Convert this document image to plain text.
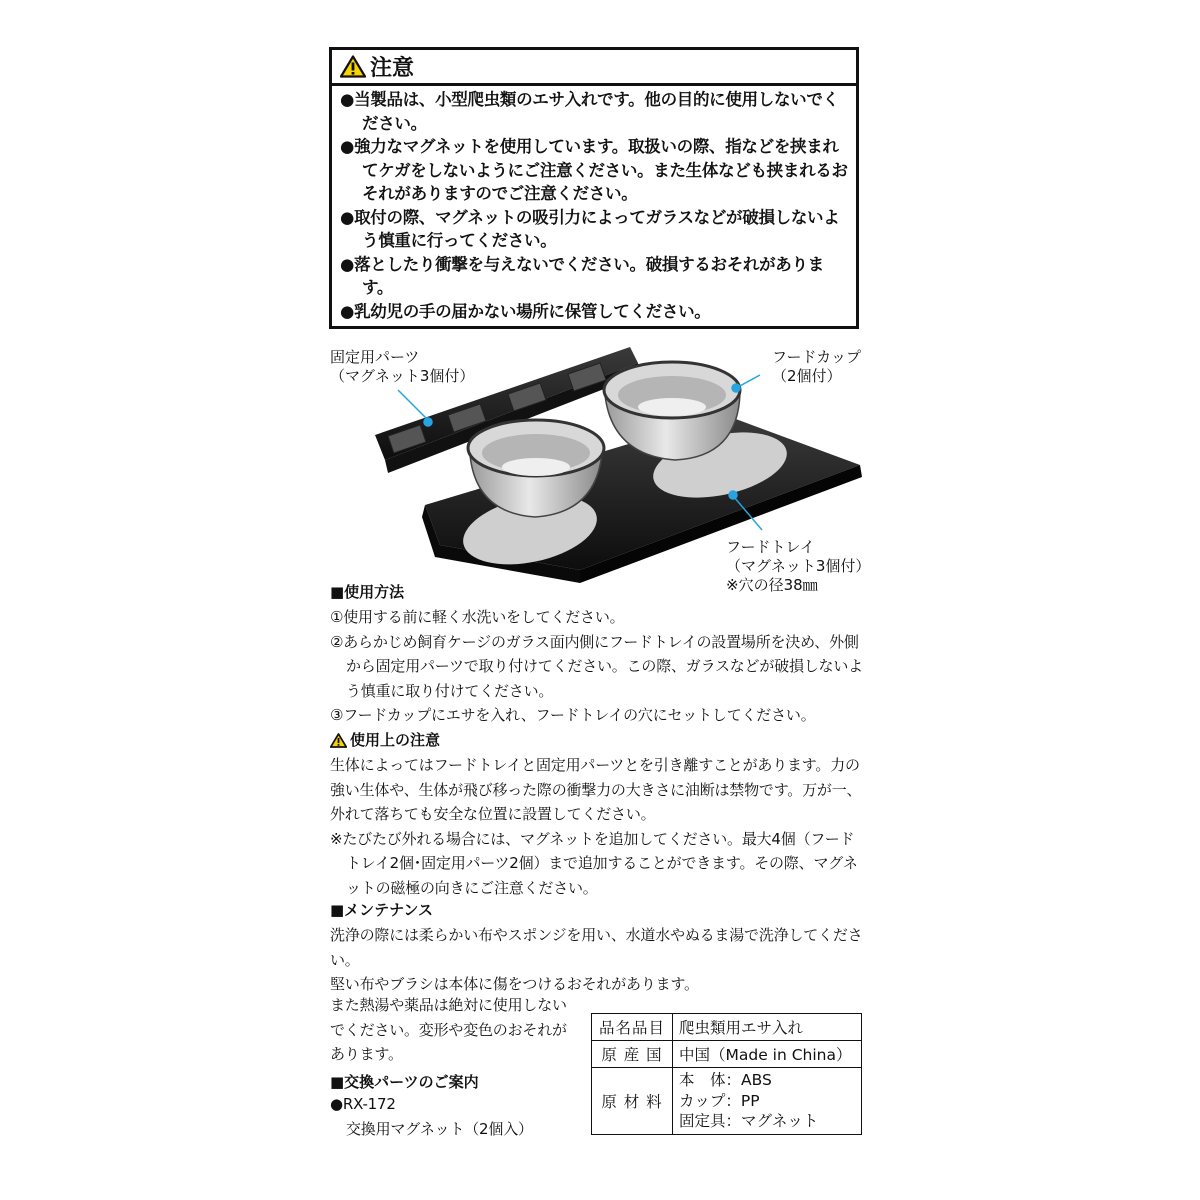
注意
●当製品は、小型爬虫類のエサ入れです。他の目的に使用しないでください。
●強力なマグネットを使用しています。取扱いの際、指などを挟まれてケガをしないようにご注意ください。また生体なども挟まれるおそれがありますのでご注意ください。
●取付の際、マグネットの吸引力によってガラスなどが破損しないよう慎重に行ってください。
●落としたり衝撃を与えないでください。破損するおそれがあります。
●乳幼児の手の届かない場所に保管してください。
固定用パーツ
（マグネット3個付）
フードカップ
（2個付）
フードトレイ
（マグネット3個付）
※穴の径38㎜
■使用方法
①使用する前に軽く水洗いをしてください。
②あらかじめ飼育ケージのガラス面内側にフードトレイの設置場所を決め、外側から固定用パーツで取り付けてください。この際、ガラスなどが破損しないよう慎重に取り付けてください。
③フードカップにエサを入れ、フードトレイの穴にセットしてください。
使用上の注意
生体によってはフードトレイと固定用パーツとを引き離すことがあります。力の強い生体や、生体が飛び移った際の衝撃力の大きさに油断は禁物です。万が一、外れて落ちても安全な位置に設置してください。
※たびたび外れる場合には、マグネットを追加してください。最大4個（フードトレイ2個･固定用パーツ2個）まで追加することができます。その際、マグネットの磁極の向きにご注意ください。
■メンテナンス
洗浄の際には柔らかい布やスポンジを用い、水道水やぬるま湯で洗浄してください。
堅い布やブラシは本体に傷をつけるおそれがあります。
また熱湯や薬品は絶対に使用しないでください。変形や変色のおそれがあります。
■交換パーツのご案内
●RX-172
交換用マグネット（2個入）
品名品目	爬虫類用エサ入れ
原 産 国	中国（Made in China）
原 材 料	本　体：ABS
カップ：PP
固定具：マグネット
